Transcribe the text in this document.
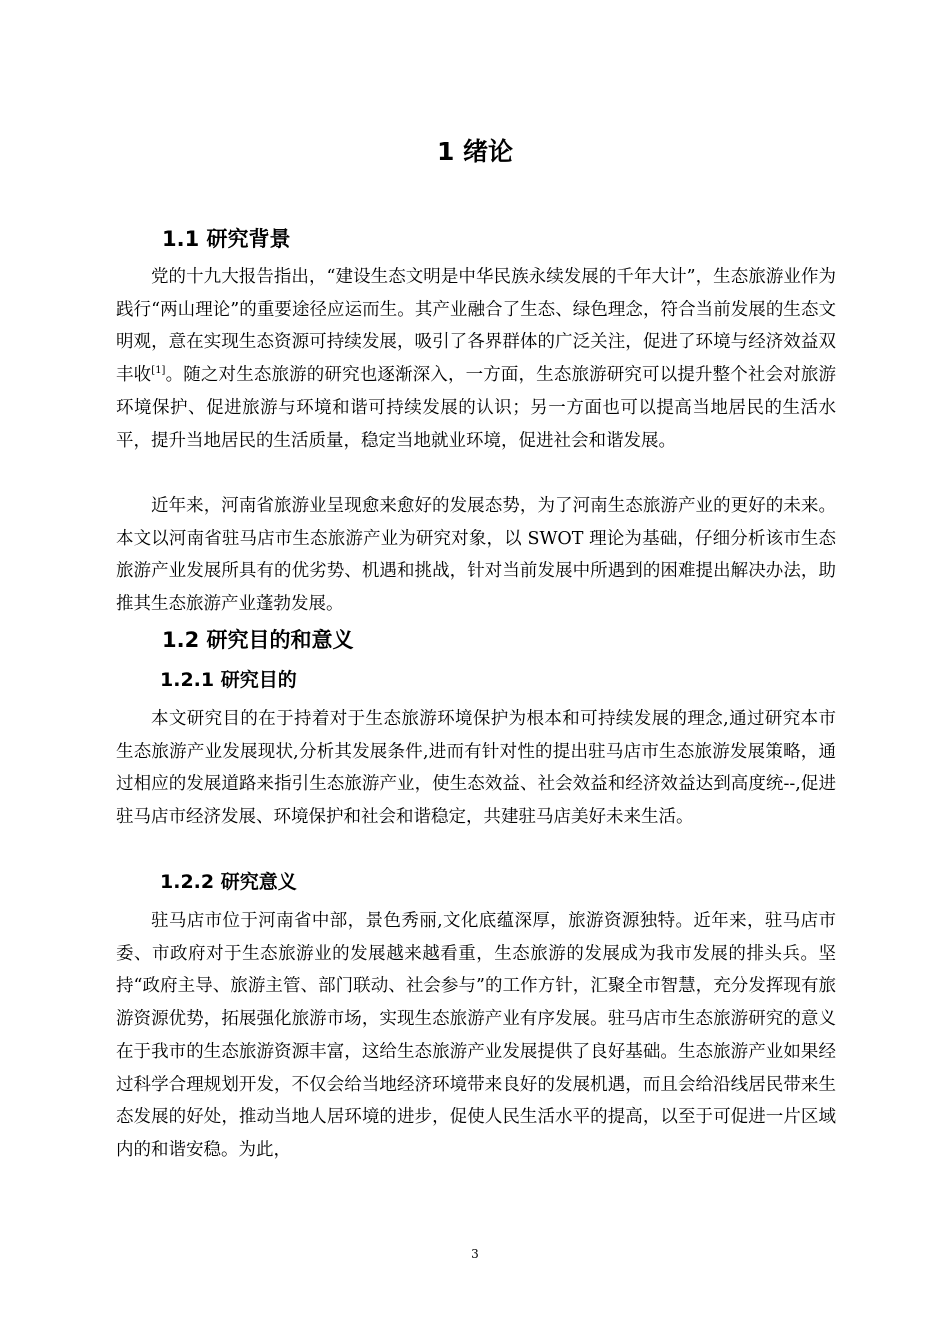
1 绪论
1.1 研究背景

党的十九大报告指出，“建设生态文明是中华民族永续发展的千年大计”，生态旅游业作为践行“两山理论”的重要途径应运而生。其产业融合了生态、绿色理念，符合当前发展的生态文明观，意在实现生态资源可持续发展，吸引了各界群体的广泛关注，促进了环境与经济效益双丰收[1]。随之对生态旅游的研究也逐渐深入，一方面，生态旅游研究可以提升整个社会对旅游环境保护、促进旅游与环境和谐可持续发展的认识；另一方面也可以提高当地居民的生活水平，提升当地居民的生活质量，稳定当地就业环境，促进社会和谐发展。

近年来，河南省旅游业呈现愈来愈好的发展态势，为了河南生态旅游产业的更好的未来。本文以河南省驻马店市生态旅游产业为研究对象，以 SWOT 理论为基础，仔细分析该市生态旅游产业发展所具有的优劣势、机遇和挑战，针对当前发展中所遇到的困难提出解决办法，助推其生态旅游产业蓬勃发展。

1.2 研究目的和意义
1.2.1 研究目的

本文研究目的在于持着对于生态旅游环境保护为根本和可持续发展的理念,通过研究本市生态旅游产业发展现状,分析其发展条件,进而有针对性的提出驻马店市生态旅游发展策略，通过相应的发展道路来指引生态旅游产业，使生态效益、社会效益和经济效益达到高度统--,促进驻马店市经济发展、环境保护和社会和谐稳定，共建驻马店美好未来生活。

1.2.2 研究意义

驻马店市位于河南省中部，景色秀丽,文化底蕴深厚，旅游资源独特。近年来，驻马店市委、市政府对于生态旅游业的发展越来越看重，生态旅游的发展成为我市发展的排头兵。坚持“政府主导、旅游主管、部门联动、社会参与”的工作方针，汇聚全市智慧，充分发挥现有旅游资源优势，拓展强化旅游市场，实现生态旅游产业有序发展。驻马店市生态旅游研究的意义在于我市的生态旅游资源丰富，这给生态旅游产业发展提供了良好基础。生态旅游产业如果经过科学合理规划开发，不仅会给当地经济环境带来良好的发展机遇，而且会给沿线居民带来生态发展的好处，推动当地人居环境的进步，促使人民生活水平的提高，以至于可促进一片区域内的和谐安稳。为此，

3
